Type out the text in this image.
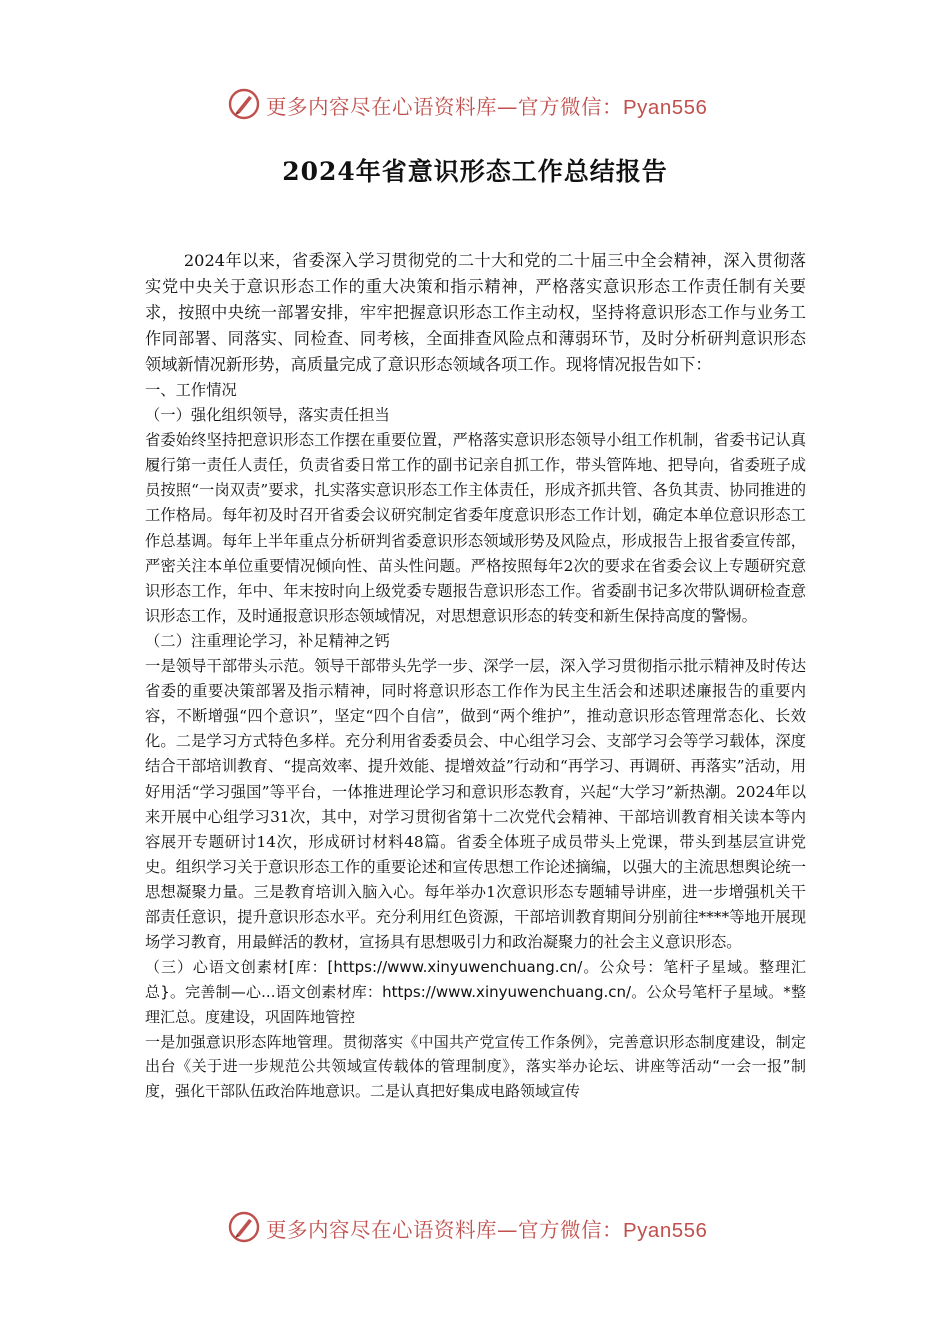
更多内容尽在心语资料库—官方微信：Pyan556
2024年省意识形态工作总结报告

2024年以来，省委深入学习贯彻党的二十大和党的二十届三中全会精神，深入贯彻落实党中央关于意识形态工作的重大决策和指示精神，严格落实意识形态工作责任制有关要求，按照中央统一部署安排，牢牢把握意识形态工作主动权，坚持将意识形态工作与业务工作同部署、同落实、同检查、同考核，全面排查风险点和薄弱环节，及时分析研判意识形态领域新情况新形势，高质量完成了意识形态领域各项工作。现将情况报告如下：

一、工作情况

（一）强化组织领导，落实责任担当

省委始终坚持把意识形态工作摆在重要位置，严格落实意识形态领导小组工作机制，省委书记认真履行第一责任人责任，负责省委日常工作的副书记亲自抓工作，带头管阵地、把导向，省委班子成员按照“一岗双责”要求，扎实落实意识形态工作主体责任，形成齐抓共管、各负其责、协同推进的工作格局。每年初及时召开省委会议研究制定省委年度意识形态工作计划，确定本单位意识形态工作总基调。每年上半年重点分析研判省委意识形态领域形势及风险点，形成报告上报省委宣传部，严密关注本单位重要情况倾向性、苗头性问题。严格按照每年2次的要求在省委会议上专题研究意识形态工作，年中、年末按时向上级党委专题报告意识形态工作。省委副书记多次带队调研检查意识形态工作，及时通报意识形态领域情况，对思想意识形态的转变和新生保持高度的警惕。

（二）注重理论学习，补足精神之钙

一是领导干部带头示范。领导干部带头先学一步、深学一层，深入学习贯彻指示批示精神及时传达省委的重要决策部署及指示精神，同时将意识形态工作作为民主生活会和述职述廉报告的重要内容，不断增强“四个意识”，坚定“四个自信”，做到“两个维护”，推动意识形态管理常态化、长效化。二是学习方式特色多样。充分利用省委委员会、中心组学习会、支部学习会等学习载体，深度结合干部培训教育、“提高效率、提升效能、提增效益”行动和“再学习、再调研、再落实”活动，用好用活“学习强国”等平台，一体推进理论学习和意识形态教育，兴起“大学习”新热潮。2024年以来开展中心组学习31次，其中，对学习贯彻省第十二次党代会精神、干部培训教育相关读本等内容展开专题研讨14次，形成研讨材料48篇。省委全体班子成员带头上党课，带头到基层宣讲党史。组织学习关于意识形态工作的重要论述和宣传思想工作论述摘编，以强大的主流思想舆论统一思想凝聚力量。三是教育培训入脑入心。每年举办1次意识形态专题辅导讲座，进一步增强机关干部责任意识，提升意识形态水平。充分利用红色资源，干部培训教育期间分别前往****等地开展现场学习教育，用最鲜活的教材，宣扬具有思想吸引力和政治凝聚力的社会主义意识形态。

（三）心语文创素材[库：[https://www.xinyuwenchuang.cn/。公众号：笔杆子星域。整理汇总}。完善制—心...语文创素材库：https://www.xinyuwenchuang.cn/。公众号笔杆子星域。*整理汇总。度建设，巩固阵地管控

一是加强意识形态阵地管理。贯彻落实《中国共产党宣传工作条例》，完善意识形态制度建设，制定出台《关于进一步规范公共领域宣传载体的管理制度》，落实举办论坛、讲座等活动“一会一报”制度，强化干部队伍政治阵地意识。二是认真把好集成电路领域宣传

更多内容尽在心语资料库—官方微信：Pyan556
